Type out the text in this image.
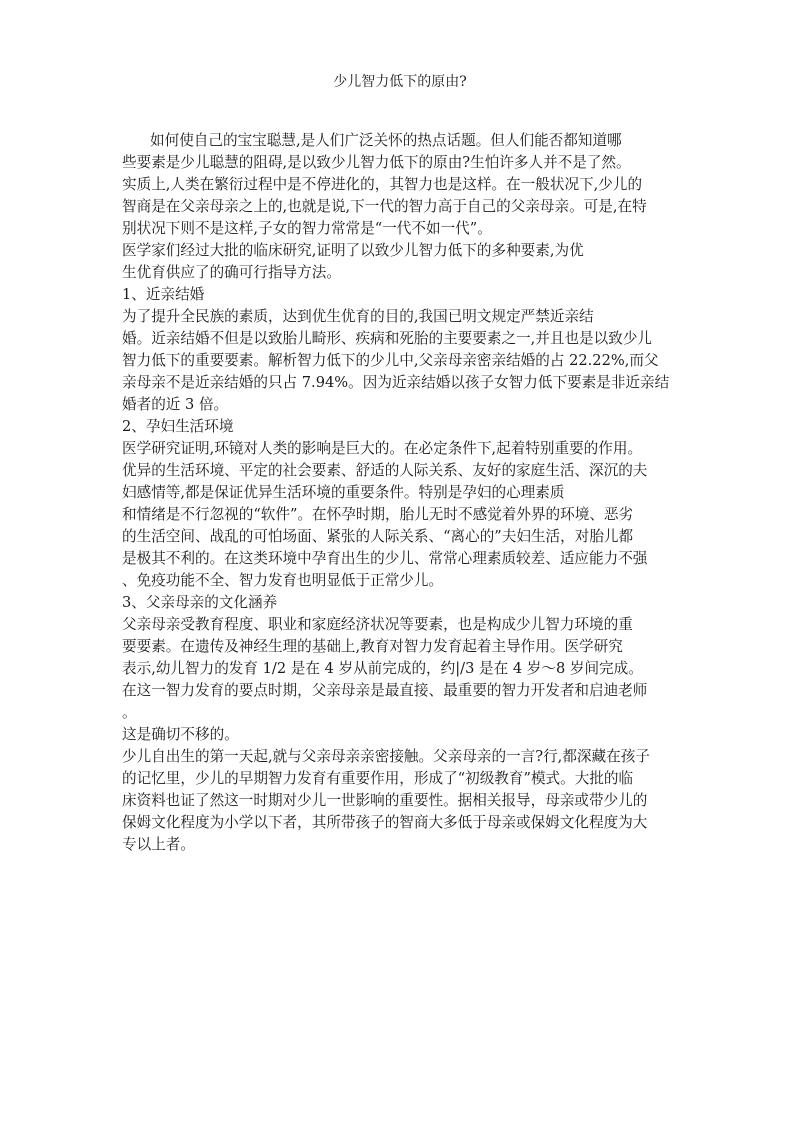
少儿智力低下的原由?
如何使自己的宝宝聪慧,是人们广泛关怀的热点话题。但人们能否都知道哪
些要素是少儿聪慧的阻碍,是以致少儿智力低下的原由?生怕许多人并不是了然。
实质上,人类在繁衍过程中是不停进化的，其智力也是这样。在一般状况下,少儿的
智商是在父亲母亲之上的,也就是说,下一代的智力高于自己的父亲母亲。可是,在特
别状况下则不是这样,子女的智力常常是“一代不如一代”。
医学家们经过大批的临床研究,证明了以致少儿智力低下的多种要素,为优
生优育供应了的确可行指导方法。
1、近亲结婚
为了提升全民族的素质，达到优生优育的目的,我国已明文规定严禁近亲结
婚。近亲结婚不但是以致胎儿畸形、疾病和死胎的主要要素之一,并且也是以致少儿
智力低下的重要要素。解析智力低下的少儿中,父亲母亲密亲结婚的占 22.22%,而父
亲母亲不是近亲结婚的只占 7.94%。因为近亲结婚以孩子女智力低下要素是非近亲结
婚者的近 3 倍。
2、孕妇生活环境
医学研究证明,环镜对人类的影响是巨大的。在必定条件下,起着特别重要的作用。
优异的生活环境、平定的社会要素、舒适的人际关系、友好的家庭生活、深沉的夫
妇感情等,都是保证优异生活环境的重要条件。特别是孕妇的心理素质
和情绪是不行忽视的“软件”。在怀孕时期，胎儿无时不感觉着外界的环境、恶劣
的生活空间、战乱的可怕场面、紧张的人际关系、“离心的”夫妇生活，对胎儿都
是极其不利的。在这类环境中孕育出生的少儿、常常心理素质较差、适应能力不强
、免疫功能不全、智力发育也明显低于正常少儿。
3、父亲母亲的文化涵养
父亲母亲受教育程度、职业和家庭经济状况等要素，也是构成少儿智力环境的重
要要素。在遗传及神经生理的基础上,教育对智力发育起着主导作用。医学研究
表示,幼儿智力的发育 1/2 是在 4 岁从前完成的，约|/3 是在 4 岁～8 岁间完成。
在这一智力发育的要点时期，父亲母亲是最直接、最重要的智力开发者和启迪老师
。
这是确切不移的。
少儿自出生的第一天起,就与父亲母亲亲密接触。父亲母亲的一言?行,都深藏在孩子
的记忆里，少儿的早期智力发育有重要作用，形成了“初级教育”模式。大批的临
床资料也证了然这一时期对少儿一世影响的重要性。据相关报导，母亲或带少儿的
保姆文化程度为小学以下者，其所带孩子的智商大多低于母亲或保姆文化程度为大
专以上者。
